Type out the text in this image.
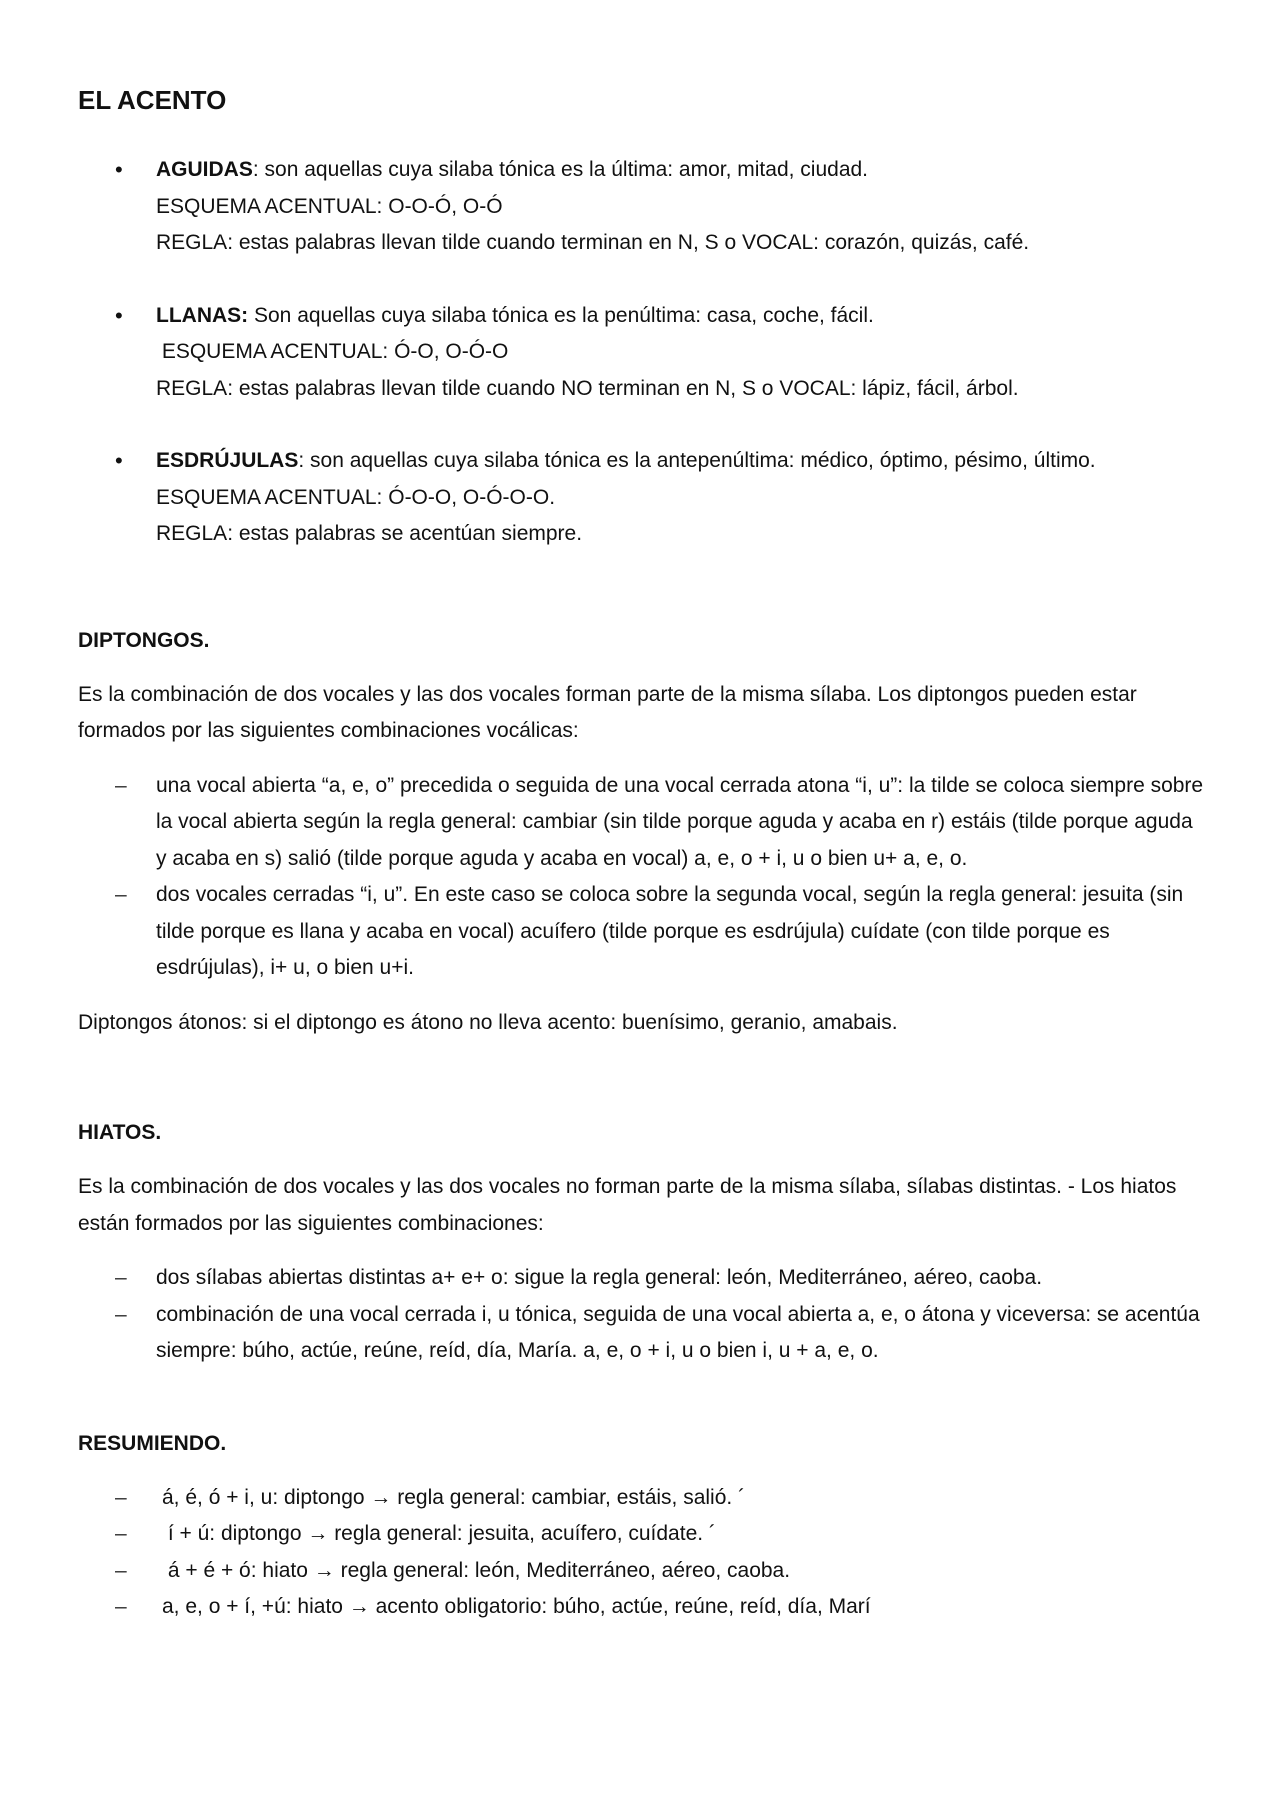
EL ACENTO
• AGUIDAS: son aquellas cuya silaba tónica es la última: amor, mitad, ciudad.
ESQUEMA ACENTUAL: O-O-Ó, O-Ó
REGLA: estas palabras llevan tilde cuando terminan en N, S o VOCAL: corazón, quizás, café.
• LLANAS: Son aquellas cuya silaba tónica es la penúltima: casa, coche, fácil.
ESQUEMA ACENTUAL: Ó-O, O-Ó-O
REGLA: estas palabras llevan tilde cuando NO terminan en N, S o VOCAL: lápiz, fácil, árbol.
• ESDRÚJULAS: son aquellas cuya silaba tónica es la antepenúltima: médico, óptimo, pésimo, último.
ESQUEMA ACENTUAL: Ó-O-O, O-Ó-O-O.
REGLA: estas palabras se acentúan siempre.
DIPTONGOS.

Es la combinación de dos vocales y las dos vocales forman parte de la misma sílaba. Los diptongos pueden estar formados por las siguientes combinaciones vocálicas:

– una vocal abierta “a, e, o” precedida o seguida de una vocal cerrada atona “i, u”: la tilde se coloca siempre sobre la vocal abierta según la regla general: cambiar (sin tilde porque aguda y acaba en r) estáis (tilde porque aguda y acaba en s) salió (tilde porque aguda y acaba en vocal) a, e, o + i, u o bien u+ a, e, o.
– dos vocales cerradas “i, u”. En este caso se coloca sobre la segunda vocal, según la regla general: jesuita (sin tilde porque es llana y acaba en vocal) acuífero (tilde porque es esdrújula) cuídate (con tilde porque es esdrújulas), i+ u, o bien u+i.

Diptongos átonos: si el diptongo es átono no lleva acento: buenísimo, geranio, amabais.

HIATOS.

Es la combinación de dos vocales y las dos vocales no forman parte de la misma sílaba, sílabas distintas. - Los hiatos están formados por las siguientes combinaciones:

– dos sílabas abiertas distintas a+ e+ o: sigue la regla general: león, Mediterráneo, aéreo, caoba.
– combinación de una vocal cerrada i, u tónica, seguida de una vocal abierta a, e, o átona y viceversa: se acentúa siempre: búho, actúe, reúne, reíd, día, María. a, e, o + i, u o bien i, u + a, e, o.
RESUMIENDO.
– á, é, ó + i, u: diptongo → regla general: cambiar, estáis, salió. ´
–  í + ú: diptongo → regla general: jesuita, acuífero, cuídate. ´
–  á + é + ó: hiato → regla general: león, Mediterráneo, aéreo, caoba.
– a, e, o + í, +ú: hiato → acento obligatorio: búho, actúe, reúne, reíd, día, Marí
